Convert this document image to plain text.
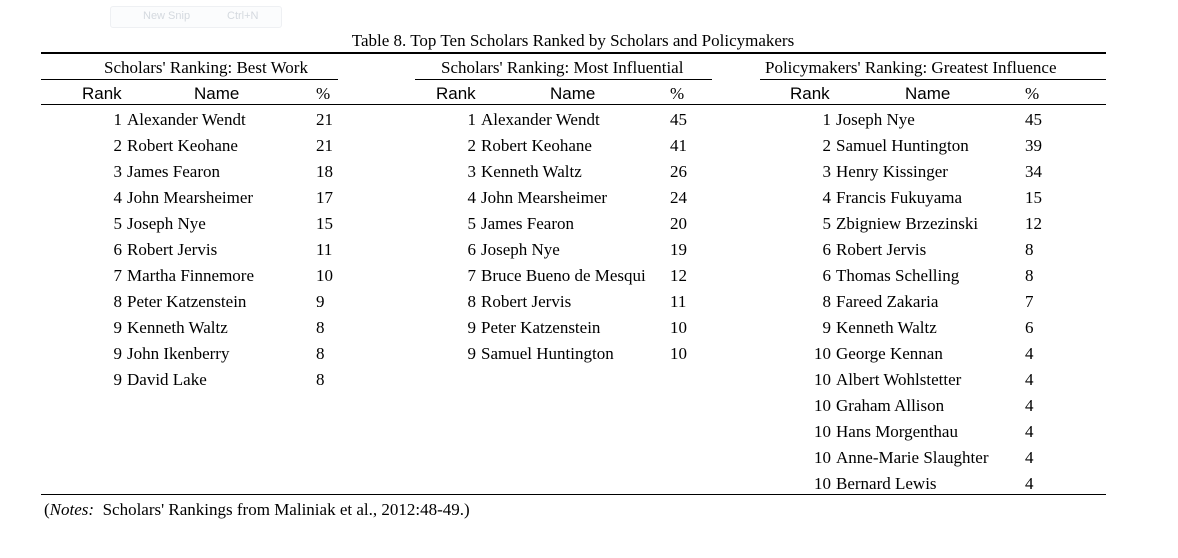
New Snip	Ctrl+N
Table 8. Top Ten Scholars Ranked by Scholars and Policymakers
Scholars' Ranking: Best Work	Scholars' Ranking: Most Influential	Policymakers' Ranking: Greatest Influence
Rank	Name	%	Rank	Name	%	Rank	Name	%
1 Alexander Wendt	21
2 Robert Keohane	21
3 James Fearon	18
4 John Mearsheimer	17
5 Joseph Nye	15
6 Robert Jervis	11
7 Martha Finnemore	10
8 Peter Katzenstein	9
9 Kenneth Waltz	8
9 John Ikenberry	8
9 David Lake	8
1 Alexander Wendt	45
2 Robert Keohane	41
3 Kenneth Waltz	26
4 John Mearsheimer	24
5 James Fearon	20
6 Joseph Nye	19
7 Bruce Bueno de Mesqui 12
8 Robert Jervis	11
9 Peter Katzenstein	10
9 Samuel Huntington	10
1 Joseph Nye	45
2 Samuel Huntington	39
3 Henry Kissinger	34
4 Francis Fukuyama	15
5 Zbigniew Brzezinski	12
6 Robert Jervis	8
6 Thomas Schelling	8
8 Fareed Zakaria	7
9 Kenneth Waltz	6
10 George Kennan	4
10 Albert Wohlstetter	4
10 Graham Allison	4
10 Hans Morgenthau	4
10 Anne-Marie Slaughter 4
10 Bernard Lewis	4
(Notes: Scholars' Rankings from Maliniak et al., 2012:48-49.)
